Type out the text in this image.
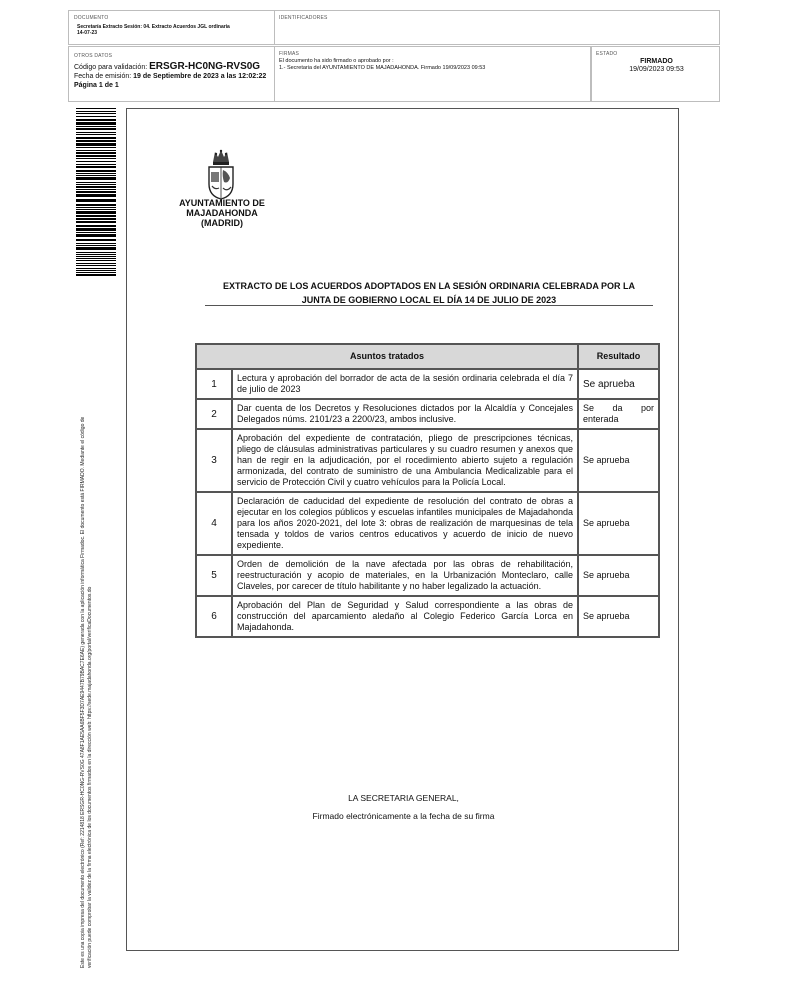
DOCUMENTO
Secretaría Extracto Sesión: 04. Extracto Acuerdos JGL ordinaria 14-07-23
IDENTIFICADORES
OTROS DATOS
Código para validación: ERSGR-HC0NG-RVS0G
Fecha de emisión: 19 de Septiembre de 2023 a las 12:02:22
Página 1 de 1
FIRMAS
El documento ha sido firmado o aprobado por :
1.- Secretaria del AYUNTAMIENTO DE MAJADAHONDA. Firmado 19/09/2023 09:53
ESTADO
FIRMADO
19/09/2023 09:53
Este es una copia impresa del documento electrónico (Ref: 2214818 ERSGR-HC0NG-RVS0G 47A8F1AE5AA6BF5F3D7AE9447B79BAC7E6AE) generada con la aplicación informática Firmadoc. El documento está FIRMADO. Mediante el código de verificación puede comprobar la validez de la firma electrónica de los documentos firmados en la dirección web: https://sede.majadahonda.org/portal/verificaDocumentos.do
AYUNTAMIENTO DE
MAJADAHONDA
(MADRID)
EXTRACTO DE LOS ACUERDOS ADOPTADOS EN LA SESIÓN ORDINARIA CELEBRADA POR LA
JUNTA DE GOBIERNO LOCAL EL DÍA 14 DE JULIO DE 2023
Asuntos tratados		Resultado
1	Lectura y aprobación del borrador de acta de la sesión ordinaria celebrada el día 7 de julio de 2023	Se aprueba
2	Dar cuenta de los Decretos y Resoluciones dictados por la Alcaldía y Concejales Delegados núms. 2101/23 a 2200/23, ambos inclusive.	Se da por enterada
3	Aprobación del expediente de contratación, pliego de prescripciones técnicas, pliego de cláusulas administrativas particulares y su cuadro resumen y anexos que han de regir en la adjudicación, por el rocedimiento abierto sujeto a regulación armonizada, del contrato de suministro de una Ambulancia Medicalizable para el servicio de Protección Civil y cuatro vehículos para la Policía Local.	Se aprueba
4	Declaración de caducidad del expediente de resolución del contrato de obras a ejecutar en los colegios públicos y escuelas infantiles municipales de Majadahonda para los años 2020-2021, del lote 3: obras de realización de marquesinas de tela tensada y toldos de varios centros educativos y acuerdo de inicio de nuevo expediente.	Se aprueba
5	Orden de demolición de la nave afectada por las obras de rehabilitación, reestructuración y acopio de materiales, en la Urbanización Monteclaro, calle Claveles, por carecer de título habilitante y no haber legalizado la actuación.	Se aprueba
6	Aprobación del Plan de Seguridad y Salud correspondiente a las obras de construcción del aparcamiento aledaño al Colegio Federico García Lorca en Majadahonda.	Se aprueba
LA SECRETARIA GENERAL,
Firmado electrónicamente a la fecha de su firma
